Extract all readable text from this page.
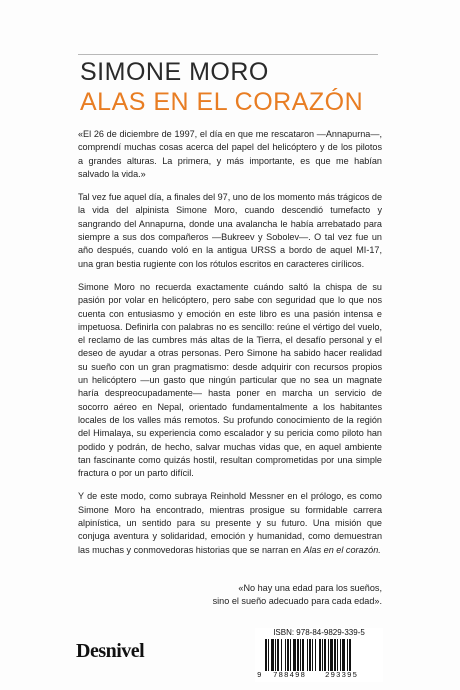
SIMONE MORO
ALAS EN EL CORAZÓN

«El 26 de diciembre de 1997, el día en que me rescataron —Annapurna—, comprendí muchas cosas acerca del papel del helicóptero y de los pilotos a grandes alturas. La primera, y más importante, es que me habían salvado la vida.»

Tal vez fue aquel día, a finales del 97, uno de los momento más trágicos de la vida del alpinista Simone Moro, cuando descendió tumefacto y sangrando del Annapurna, donde una avalancha le había arrebatado para siempre a sus dos compañeros —Bukreev y Sobolev—. O tal vez fue un año después, cuando voló en la antigua URSS a bordo de aquel MI-17, una gran bestia rugiente con los rótulos escritos en caracteres cirílicos.

Simone Moro no recuerda exactamente cuándo saltó la chispa de su pasión por volar en helicóptero, pero sabe con seguridad que lo que nos cuenta con entusiasmo y emoción en este libro es una pasión intensa e impetuosa. Definirla con palabras no es sencillo: reúne el vértigo del vuelo, el reclamo de las cumbres más altas de la Tierra, el desafío personal y el deseo de ayudar a otras personas. Pero Simone ha sabido hacer realidad su sueño con un gran pragmatismo: desde adquirir con recursos propios un helicóptero —un gasto que ningún particular que no sea un magnate haría despreocupadamente— hasta poner en marcha un servicio de socorro aéreo en Nepal, orientado fundamentalmente a los habitantes locales de los valles más remotos. Su profundo conocimiento de la región del Himalaya, su experiencia como escalador y su pericia como piloto han podido y podrán, de hecho, salvar muchas vidas que, en aquel ambiente tan fascinante como quizás hostil, resultan comprometidas por una simple fractura o por un parto difícil.

Y de este modo, como subraya Reinhold Messner en el prólogo, es como Simone Moro ha encontrado, mientras prosigue su formidable carrera alpinística, un sentido para su presente y su futuro. Una misión que conjuga aventura y solidaridad, emoción y humanidad, como demuestran las muchas y conmovedoras historias que se narran en Alas en el corazón.

«No hay una edad para los sueños,
sino el sueño adecuado para cada edad».
Desnivel
ISBN: 978-84-9829-339-5
9 788498	293395
